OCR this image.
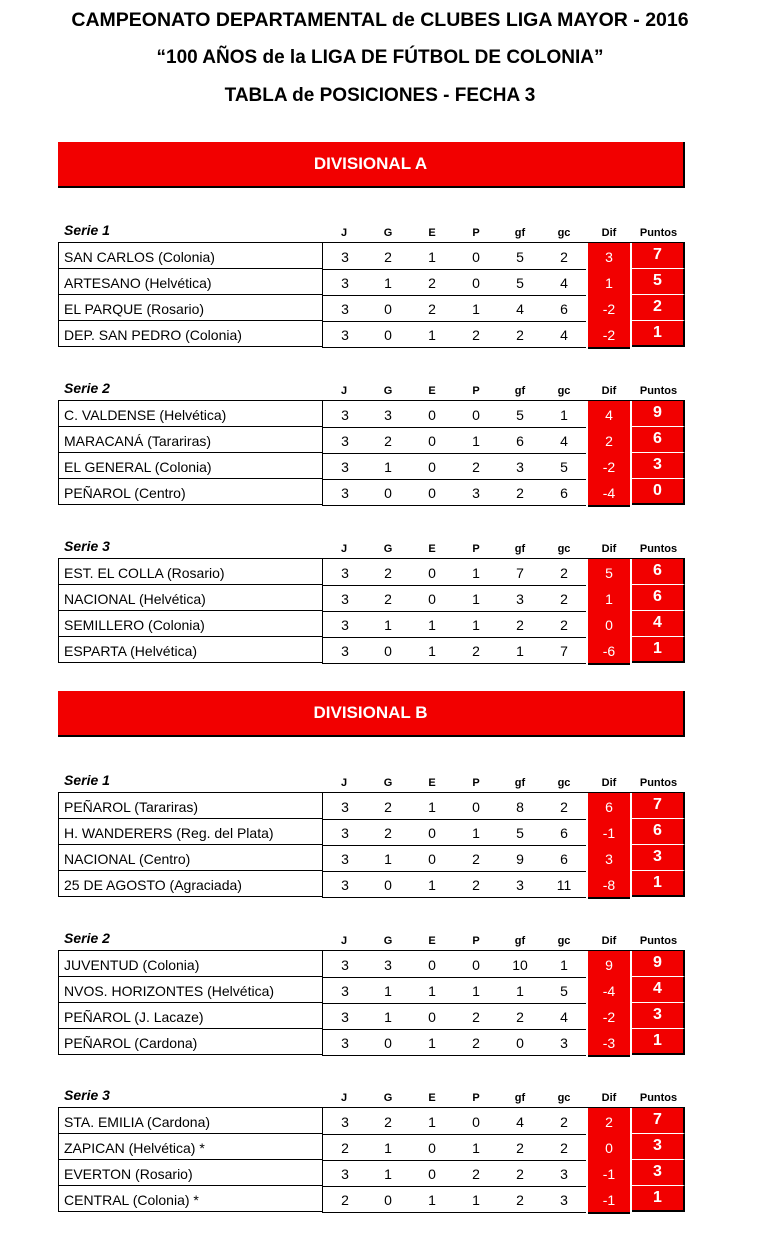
CAMPEONATO DEPARTAMENTAL de CLUBES LIGA MAYOR - 2016
“100 AÑOS de la LIGA DE FÚTBOL DE COLONIA”
TABLA de POSICIONES - FECHA 3
DIVISIONAL A
Serie 1	J	G	E	P	gf	gc	Dif	Puntos
SAN CARLOS (Colonia)	3	2	1	0	5	2	3	7
ARTESANO (Helvética)	3	1	2	0	5	4	1	5
EL PARQUE (Rosario)	3	0	2	1	4	6	-2	2
DEP. SAN PEDRO (Colonia)	3	0	1	2	2	4	-2	1
Serie 2	J	G	E	P	gf	gc	Dif	Puntos
C. VALDENSE (Helvética)	3	3	0	0	5	1	4	9
MARACANÁ (Tarariras)	3	2	0	1	6	4	2	6
EL GENERAL (Colonia)	3	1	0	2	3	5	-2	3
PEÑAROL (Centro)	3	0	0	3	2	6	-4	0
Serie 3	J	G	E	P	gf	gc	Dif	Puntos
EST. EL COLLA (Rosario)	3	2	0	1	7	2	5	6
NACIONAL (Helvética)	3	2	0	1	3	2	1	6
SEMILLERO (Colonia)	3	1	1	1	2	2	0	4
ESPARTA (Helvética)	3	0	1	2	1	7	-6	1
DIVISIONAL B
Serie 1	J	G	E	P	gf	gc	Dif	Puntos
PEÑAROL (Tarariras)	3	2	1	0	8	2	6	7
H. WANDERERS (Reg. del Plata)	3	2	0	1	5	6	-1	6
NACIONAL (Centro)	3	1	0	2	9	6	3	3
25 DE AGOSTO (Agraciada)	3	0	1	2	3	11	-8	1
Serie 2	J	G	E	P	gf	gc	Dif	Puntos
JUVENTUD (Colonia)	3	3	0	0	10	1	9	9
NVOS. HORIZONTES (Helvética)	3	1	1	1	1	5	-4	4
PEÑAROL (J. Lacaze)	3	1	0	2	2	4	-2	3
PEÑAROL (Cardona)	3	0	1	2	0	3	-3	1
Serie 3	J	G	E	P	gf	gc	Dif	Puntos
STA. EMILIA (Cardona)	3	2	1	0	4	2	2	7
ZAPICAN (Helvética) *	2	1	0	1	2	2	0	3
EVERTON (Rosario)	3	1	0	2	2	3	-1	3
CENTRAL (Colonia) *	2	0	1	1	2	3	-1	1
